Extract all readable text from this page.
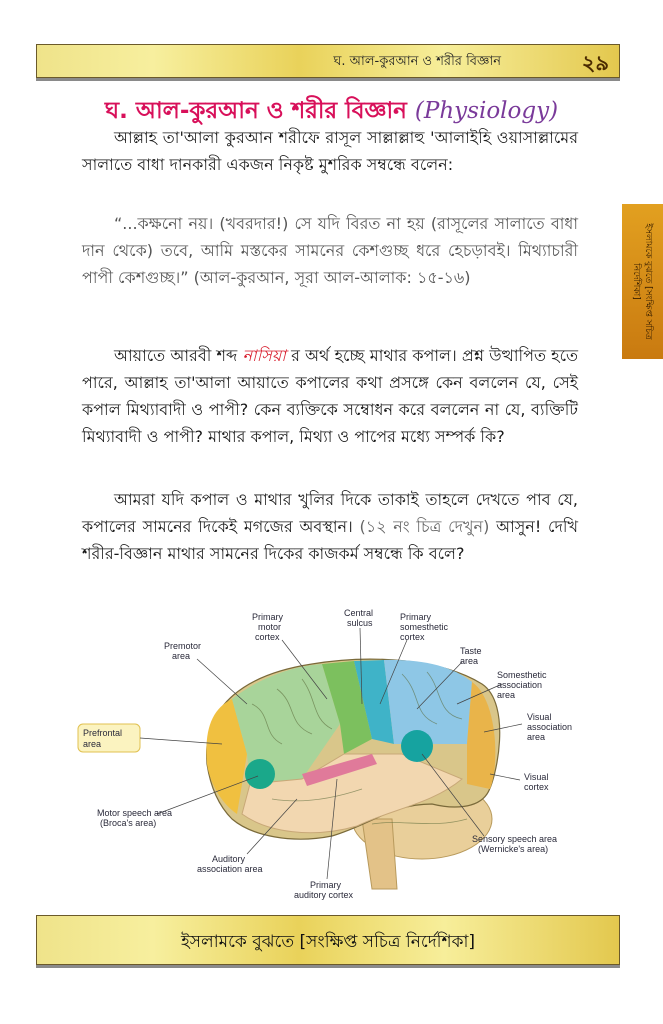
ঘ. আল-কুরআন ও শরীর বিজ্ঞান	২৯
ইসলামকে বুঝতে [সংক্ষিপ্ত সচিত্র
নির্দেশিকা]
ঘ. আল-কুরআন ও শরীর বিজ্ঞান (Physiology)
আল্লাহ তা'আলা কুরআন শরীফে রাসূল সাল্লাল্লাহু 'আলাইহি ওয়াসাল্লামের সালাতে বাধা দানকারী একজন নিকৃষ্ট মুশরিক সম্বন্ধে বলেন:
“...কক্ষনো নয়। (খবরদার!) সে যদি বিরত না হয় (রাসূলের সালাতে বাধা দান থেকে) তবে, আমি মস্তকের সামনের কেশগুচ্ছ ধরে হেচড়াবই। মিথ্যাচারী পাপী কেশগুচ্ছ।” (আল-কুরআন, সূরা আল-আলাক: ১৫-১৬)
আয়াতে আরবী শব্দ নাসিয়া র অর্থ হচ্ছে মাথার কপাল। প্রশ্ন উত্থাপিত হতে পারে, আল্লাহ তা'আলা আয়াতে কপালের কথা প্রসঙ্গে কেন বললেন যে, সেই কপাল মিথ্যাবাদী ও পাপী? কেন ব্যক্তিকে সম্বোধন করে বললেন না যে, ব্যক্তিটি মিথ্যাবাদী ও পাপী? মাথার কপাল, মিথ্যা ও পাপের মধ্যে সম্পর্ক কি?
আমরা যদি কপাল ও মাথার খুলির দিকে তাকাই তাহলে দেখতে পাব যে, কপালের সামনের দিকেই মগজের অবস্থান। (১২ নং চিত্র দেখুন) আসুন! দেখি শরীর-বিজ্ঞান মাথার সামনের দিকের কাজকর্ম সম্বন্ধে কি বলে?
Central
sulcus
Primary
motor
cortex
Primary
somesthetic
cortex
Premotor
area	Taste
area
Somesthetic
association
area
Prefrontal
area
Visual
association
area
Visual
cortex
Motor speech area
(Broca's area)
Sensory speech area
(Wernicke's area)
Auditory
association area
Primary
auditory cortex
ইসলামকে বুঝতে [সংক্ষিপ্ত সচিত্র নির্দেশিকা]
